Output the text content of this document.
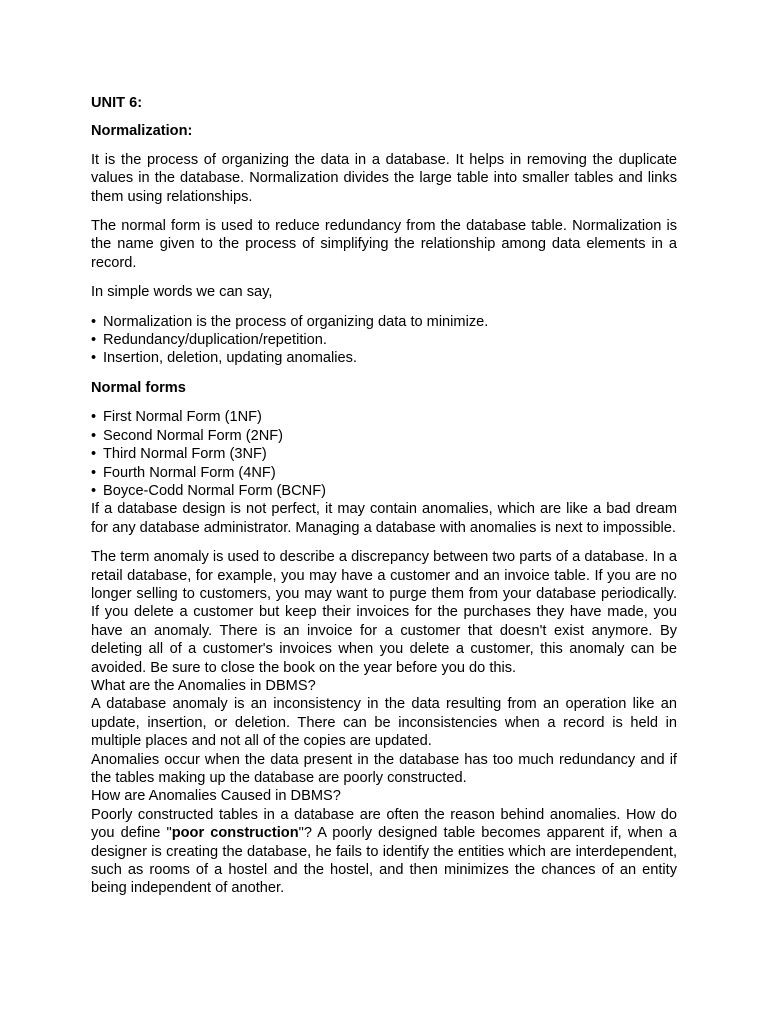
UNIT 6:

Normalization:

It is the process of organizing the data in a database. It helps in removing the duplicate values in the database. Normalization divides the large table into smaller tables and links them using relationships.

The normal form is used to reduce redundancy from the database table. Normalization is the name given to the process of simplifying the relationship among data elements in a record.

In simple words we can say,

• Normalization is the process of organizing data to minimize.
• Redundancy/duplication/repetition.
• Insertion, deletion, updating anomalies.

Normal forms

• First Normal Form (1NF)
• Second Normal Form (2NF)
• Third Normal Form (3NF)
• Fourth Normal Form (4NF)
• Boyce-Codd Normal Form (BCNF)

If a database design is not perfect, it may contain anomalies, which are like a bad dream for any database administrator. Managing a database with anomalies is next to impossible.

The term anomaly is used to describe a discrepancy between two parts of a database. In a retail database, for example, you may have a customer and an invoice table. If you are no longer selling to customers, you may want to purge them from your database periodically. If you delete a customer but keep their invoices for the purchases they have made, you have an anomaly. There is an invoice for a customer that doesn't exist anymore. By deleting all of a customer's invoices when you delete a customer, this anomaly can be avoided. Be sure to close the book on the year before you do this.

What are the Anomalies in DBMS?

A database anomaly is an inconsistency in the data resulting from an operation like an update, insertion, or deletion. There can be inconsistencies when a record is held in multiple places and not all of the copies are updated.

Anomalies occur when the data present in the database has too much redundancy and if the tables making up the database are poorly constructed.

How are Anomalies Caused in DBMS?

Poorly constructed tables in a database are often the reason behind anomalies. How do you define "poor construction"? A poorly designed table becomes apparent if, when a designer is creating the database, he fails to identify the entities which are interdependent, such as rooms of a hostel and the hostel, and then minimizes the chances of an entity being independent of another.
